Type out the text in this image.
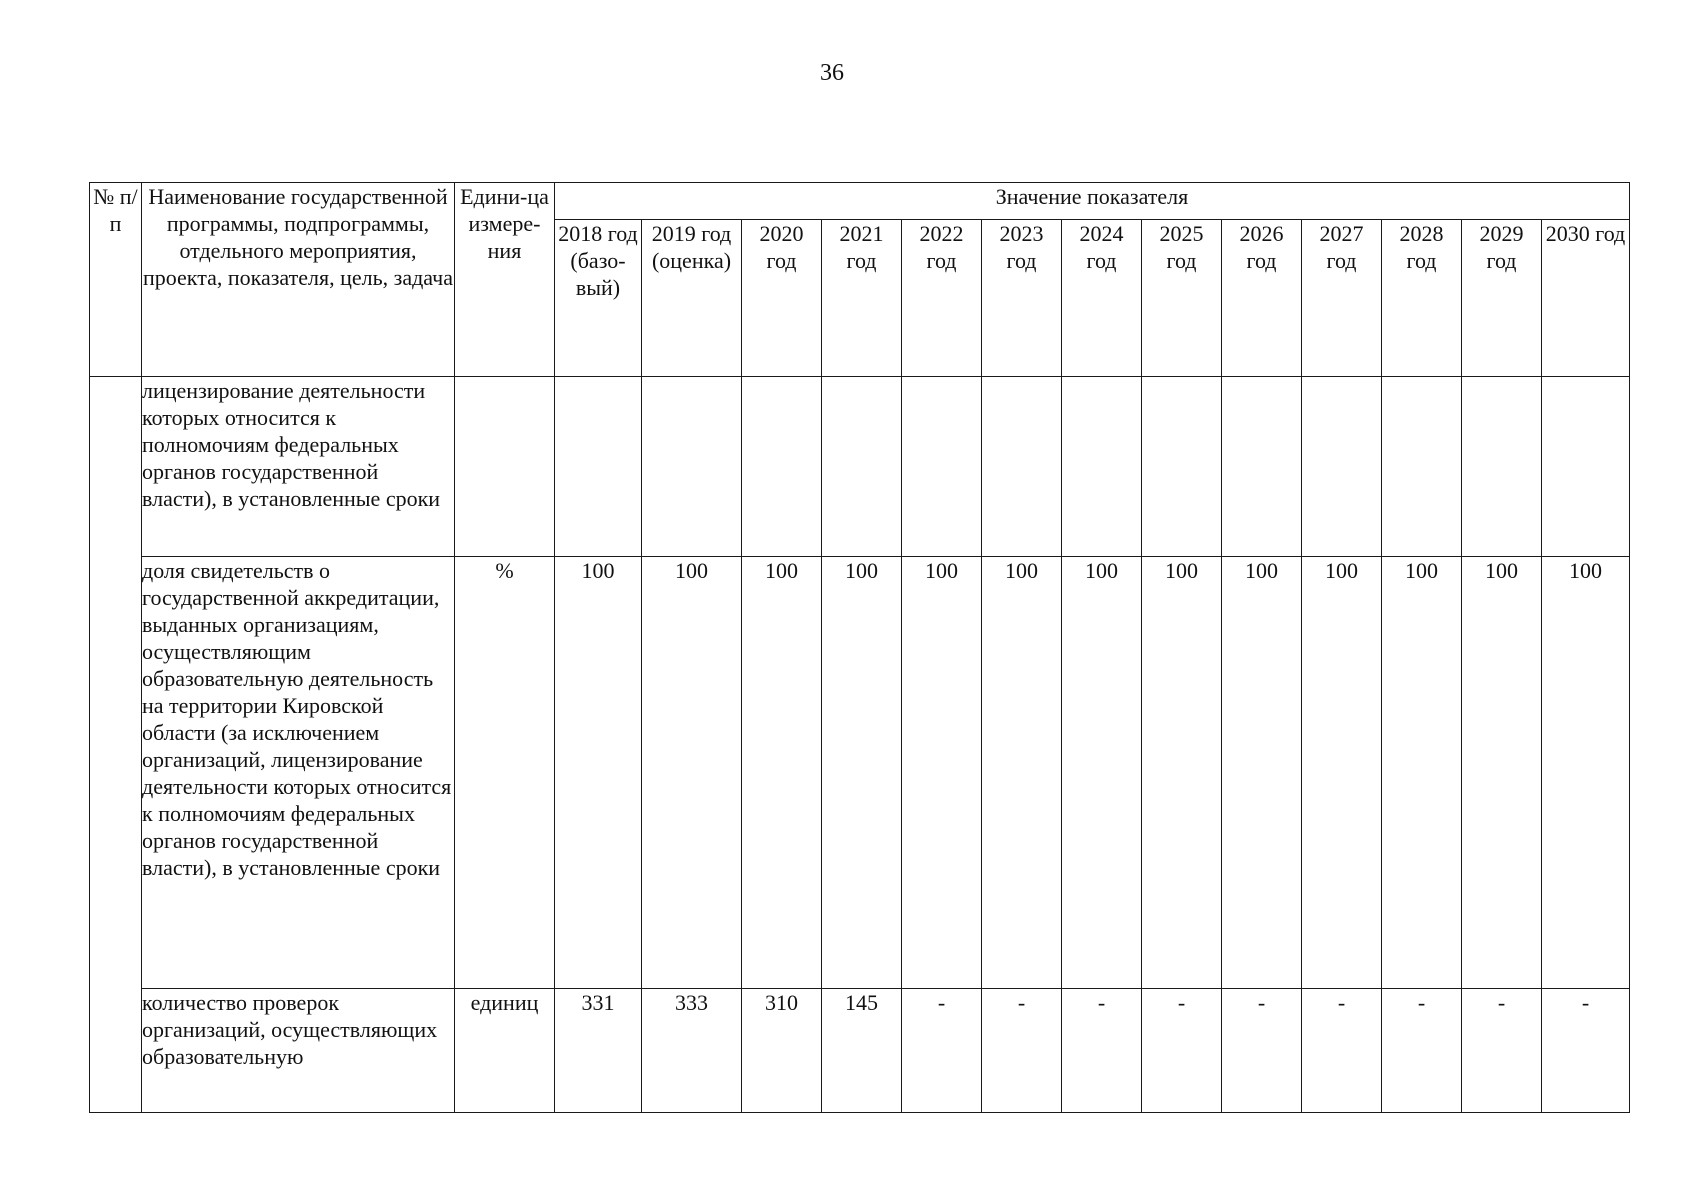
36
№ п/п	Наименование государственной программы, подпрограммы, отдельного мероприятия, проекта, показателя, цель, задача	Едини-ца измере-ния	Значение показателя												
			2018 год (базо-вый)	2019 год (оценка)	2020 год	2021 год	2022 год	2023 год	2024 год	2025 год	2026 год	2027 год	2028 год	2029 год	2030 год
	лицензирование деятельности которых относится к полномочиям федеральных органов государственной власти), в установленные сроки														
	доля свидетельств о государственной аккредитации, выданных организациям, осуществляющим образовательную деятельность на территории Кировской области (за исключением организаций, лицензирование деятельности которых относится к полномочиям федеральных органов государственной власти), в установленные сроки	%	100	100	100	100	100	100	100	100	100	100	100	100	100
	количество проверок организаций, осуществляющих образовательную	единиц	331	333	310	145	-	-	-	-	-	-	-	-	-
